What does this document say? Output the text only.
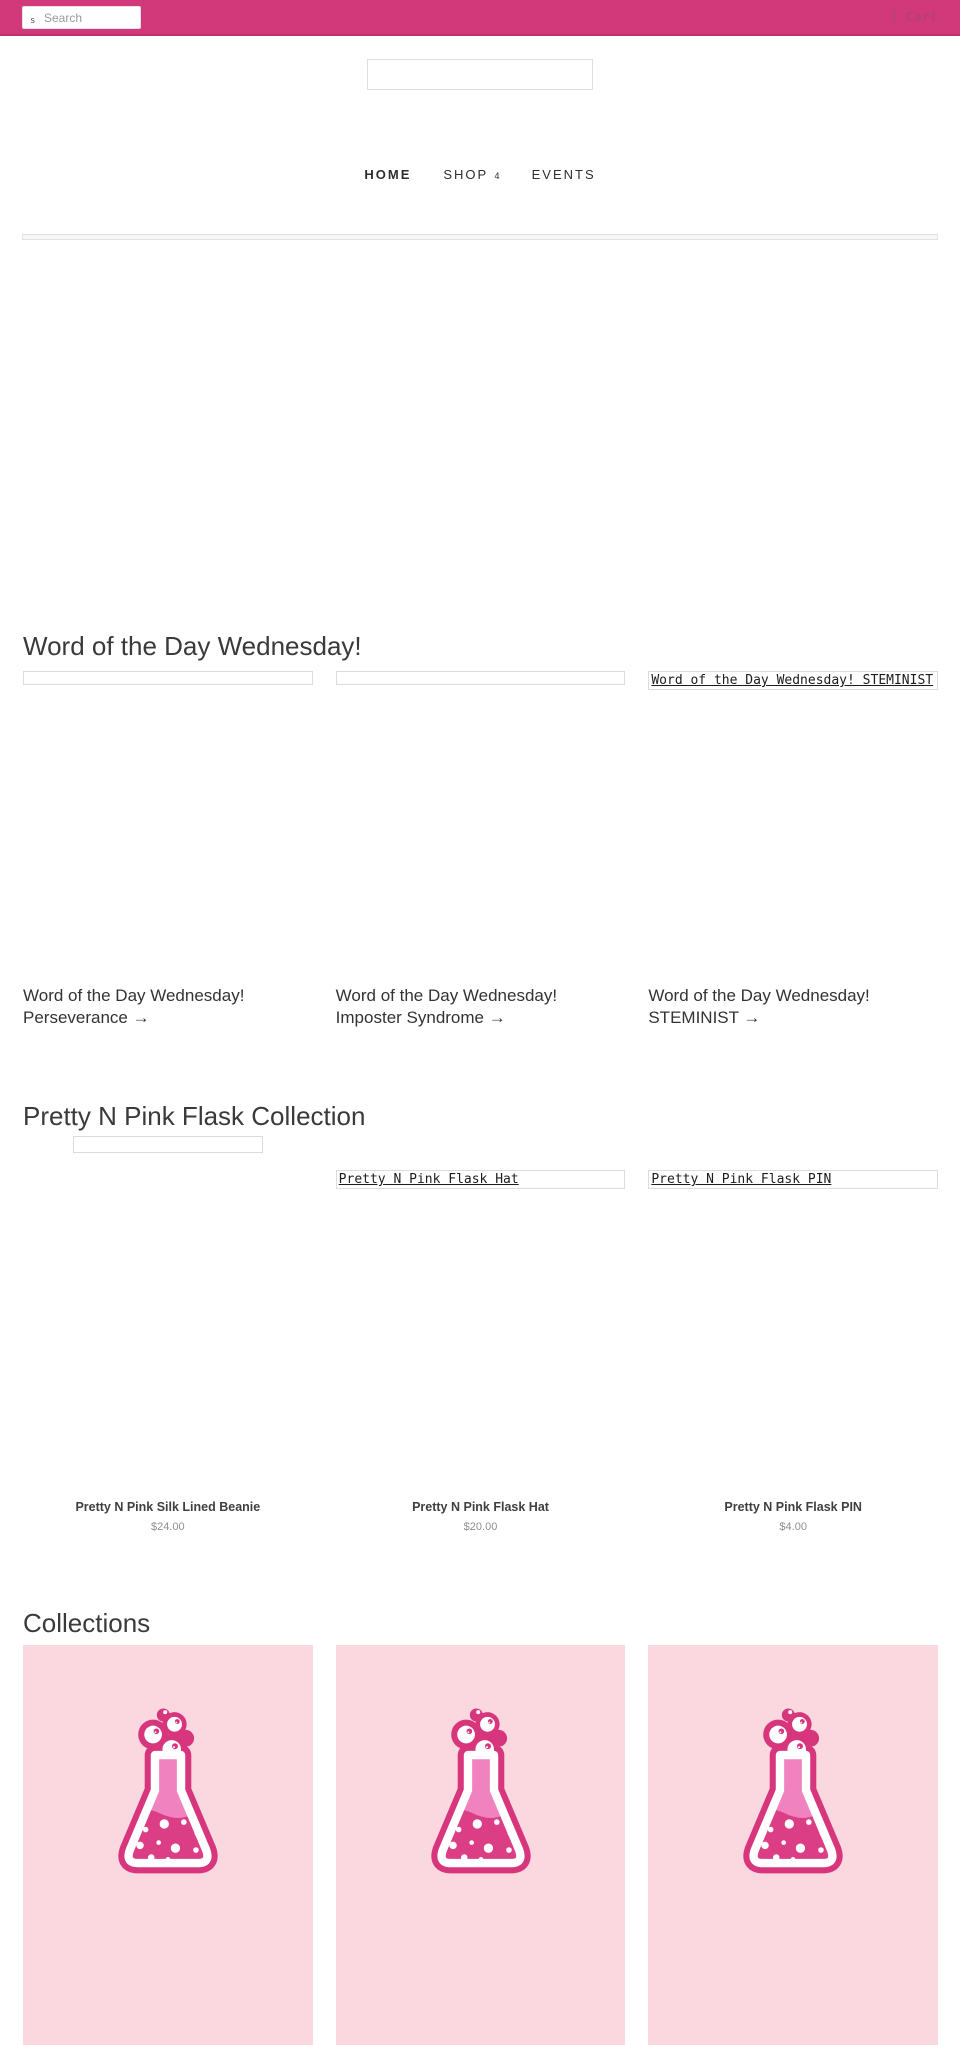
s
Search	[ Cart
HOME SHOP 4 EVENTS
Word of the Day Wednesday!
Word of the Day Wednesday!
Perseverance →
Word of the Day Wednesday!
Imposter Syndrome →
Word of the Day Wednesday! STEMINIST
Word of the Day Wednesday!
STEMINIST →
Pretty N Pink Flask Collection
Pretty N Pink Silk Lined Beanie
$24.00
Pretty N Pink Flask Hat
Pretty N Pink Flask Hat
$20.00
Pretty N Pink Flask PIN
Pretty N Pink Flask PIN
$4.00
Collections
